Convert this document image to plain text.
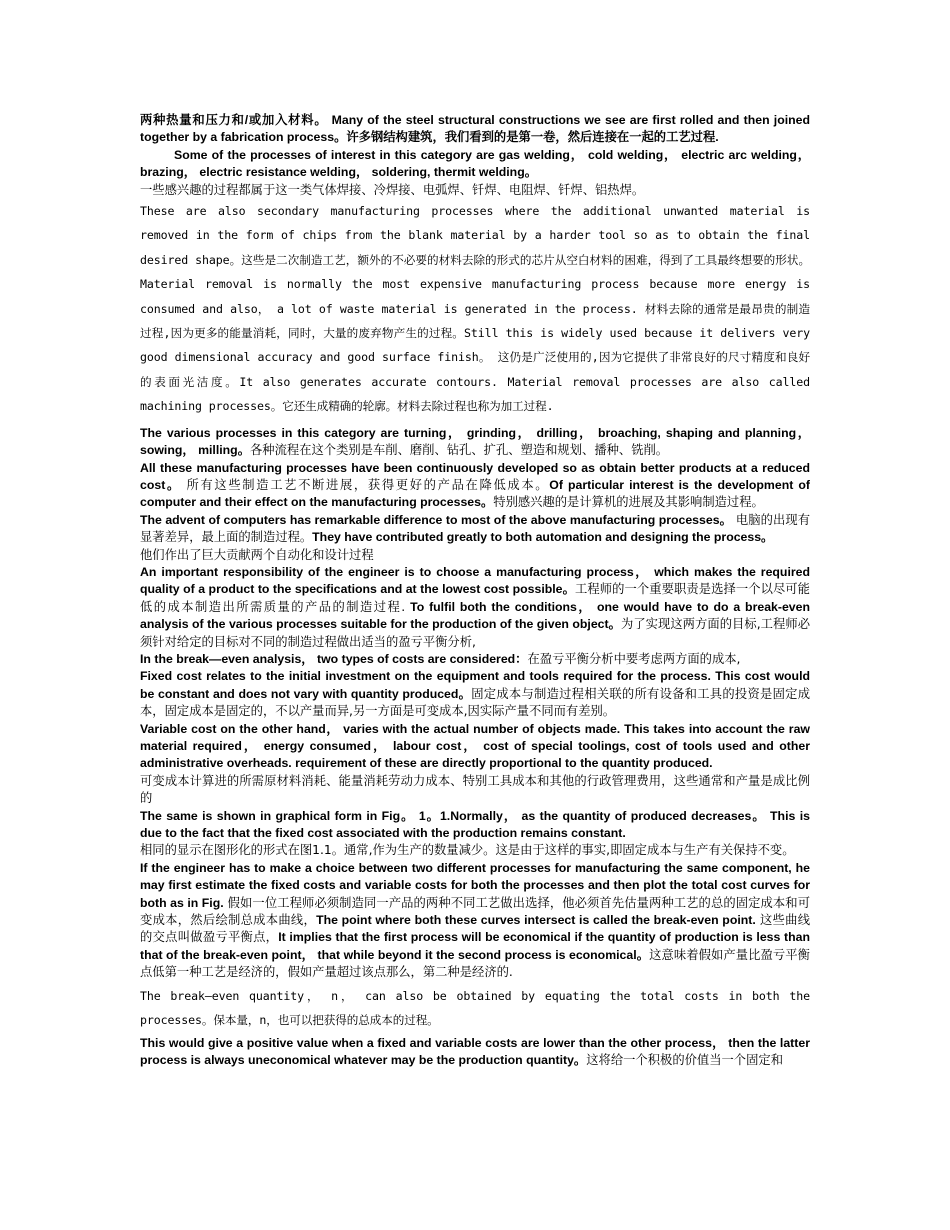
两种热量和压力和/或加入材料。 Many of the steel structural constructions we see are first rolled and then joined together by a fabrication process。许多钢结构建筑，我们看到的是第一卷，然后连接在一起的工艺过程.

Some of the processes of interest in this category are gas welding， cold welding， electric arc welding，brazing， electric resistance welding， soldering, thermit welding。

一些感兴趣的过程都属于这一类气体焊接、冷焊接、电弧焊、钎焊、电阻焊、钎焊、铝热焊。

These are also secondary manufacturing processes where the additional unwanted material is removed in the form of chips from the blank material by a harder tool so as to obtain the final desired shape。这些是二次制造工艺，额外的不必要的材料去除的形式的芯片从空白材料的困难，得到了工具最终想要的形状。 Material removal is normally the most expensive manufacturing process because more energy is consumed and also， a lot of waste material is generated in the process. 材料去除的通常是最昂贵的制造过程,因为更多的能量消耗，同时，大量的废弃物产生的过程。Still this is widely used because it delivers very good dimensional accuracy and good surface finish。 这仍是广泛使用的,因为它提供了非常良好的尺寸精度和良好的表面光洁度。It also generates accurate contours. Material removal processes are also called machining processes。它还生成精确的轮廓。材料去除过程也称为加工过程.

The various processes in this category are turning， grinding， drilling， broaching, shaping and planning，sowing， milling。各种流程在这个类别是车削、磨削、钻孔、扩孔、塑造和规划、播种、铣削。

All these manufacturing processes have been continuously developed so as obtain better products at a reduced cost。 所有这些制造工艺不断进展，获得更好的产品在降低成本。Of particular interest is the development of computer and their effect on the manufacturing processes。特别感兴趣的是计算机的进展及其影响制造过程。

The advent of computers has remarkable difference to most of the above manufacturing processes。 电脑的出现有显著差异，最上面的制造过程。They have contributed greatly to both automation and designing the process。
他们作出了巨大贡献两个自动化和设计过程

An important responsibility of the engineer is to choose a manufacturing process， which makes the required quality of a product to the specifications and at the lowest cost possible。工程师的一个重要职责是选择一个以尽可能低的成本制造出所需质量的产品的制造过程. To fulfil both the conditions， one would have to do a break-even analysis of the various processes suitable for the production of the given object。为了实现这两方面的目标,工程师必须针对给定的目标对不同的制造过程做出适当的盈亏平衡分析,

In the break—even analysis， two types of costs are considered：在盈亏平衡分析中要考虑两方面的成本,

Fixed cost relates to the initial investment on the equipment and tools required for the process. This cost would be constant and does not vary with quantity produced。固定成本与制造过程相关联的所有设备和工具的投资是固定成本，固定成本是固定的，不以产量而异,另一方面是可变成本,因实际产量不同而有差别。

Variable cost on the other hand， varies with the actual number of objects made. This takes into account the raw material required， energy consumed， labour cost， cost of special toolings, cost of tools used and other administrative overheads. requirement of these are directly proportional to the quantity produced.

可变成本计算进的所需原材料消耗、能量消耗劳动力成本、特别工具成本和其他的行政管理费用，这些通常和产量是成比例的

The same is shown in graphical form in Fig。 1。1.Normally， as the quantity of produced decreases。 This is due to the fact that the fixed cost associated with the production remains constant.

相同的显示在图形化的形式在图1.1。通常,作为生产的数量减少。这是由于这样的事实,即固定成本与生产有关保持不变。

If the engineer has to make a choice between two different processes for manufacturing the same component, he may first estimate the fixed costs and variable costs for both the processes and then plot the total cost curves for both as in Fig. 假如一位工程师必须制造同一产品的两种不同工艺做出选择，他必须首先估量两种工艺的总的固定成本和可变成本，然后绘制总成本曲线，The point where both these curves intersect is called the break-even point. 这些曲线的交点叫做盈亏平衡点，It implies that the first process will be economical if the quantity of production is less than that of the break-even point， that while beyond it the second process is economical。这意味着假如产量比盈亏平衡点低第一种工艺是经济的，假如产量超过该点那么，第二种是经济的.

The break—even quantity， n， can also be obtained by equating the total costs in both the processes。保本量，n，也可以把获得的总成本的过程。

This would give a positive value when a fixed and variable costs are lower than the other process， then the latter process is always uneconomical whatever may be the production quantity。这将给一个积极的价值当一个固定和
